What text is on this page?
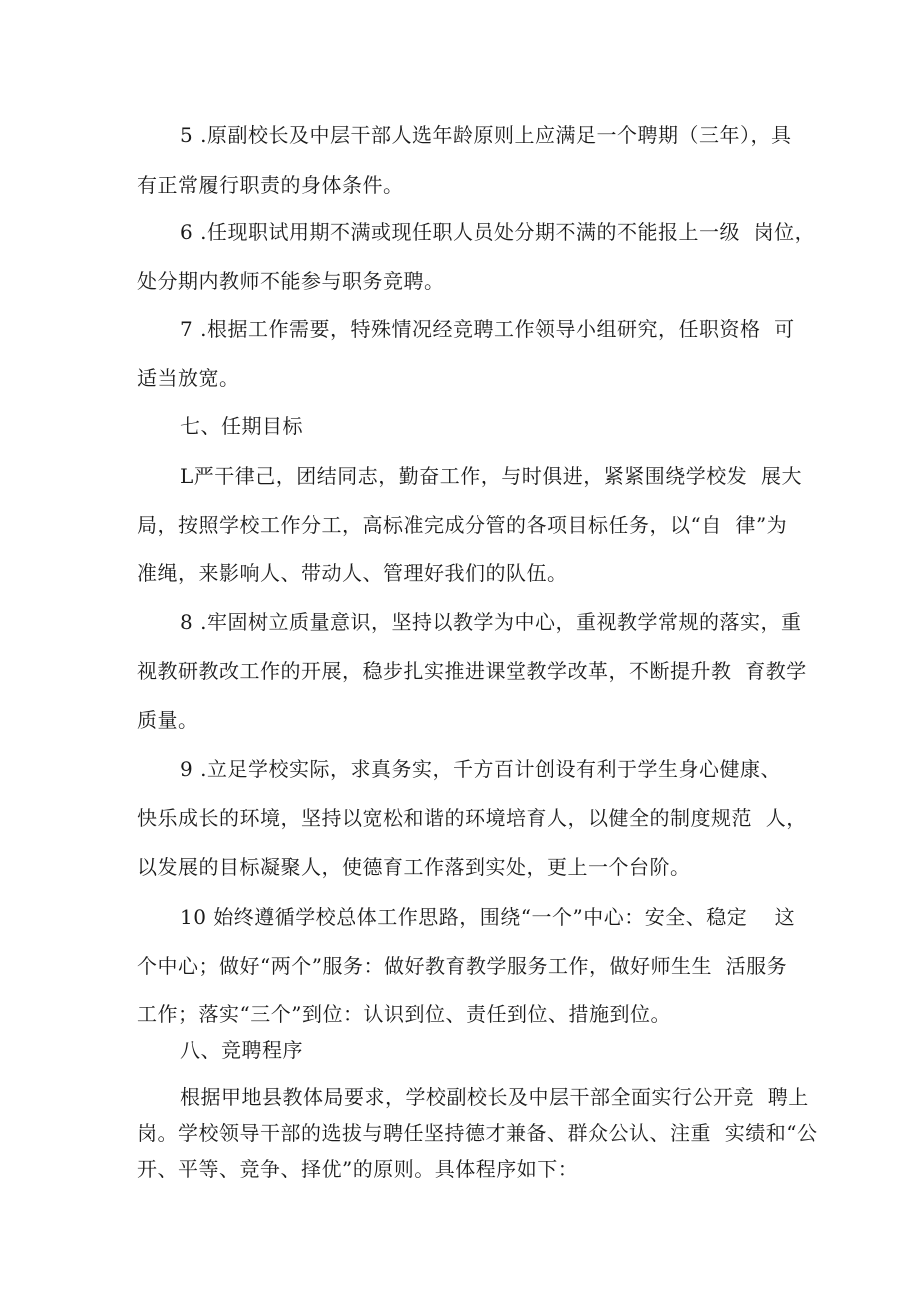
5 .原副校长及中层干部人选年龄原则上应满足一个聘期（三年），具
有正常履行职责的身体条件。
6 .任现职试用期不满或现任职人员处分期不满的不能报上一级  岗位，
处分期内教师不能参与职务竞聘。
7 .根据工作需要，特殊情况经竞聘工作领导小组研究，任职资格  可
适当放宽。
七、任期目标
L严干律己，团结同志，勤奋工作，与时俱进，紧紧围绕学校发  展大
局，按照学校工作分工，高标准完成分管的各项目标任务，以“自  律”为
准绳，来影响人、带动人、管理好我们的队伍。
8 .牢固树立质量意识，坚持以教学为中心，重视教学常规的落实，重
视教研教改工作的开展，稳步扎实推进课堂教学改革，不断提升教  育教学
质量。
9 .立足学校实际，求真务实，千方百计创设有利于学生身心健康、
快乐成长的环境，坚持以宽松和谐的环境培育人，以健全的制度规范  人，
以发展的目标凝聚人，使德育工作落到实处，更上一个台阶。
10 始终遵循学校总体工作思路，围绕“一个”中心：安全、稳定    这
个中心；做好“两个”服务：做好教育教学服务工作，做好师生生  活服务
工作；落实“三个”到位：认识到位、责任到位、措施到位。
八、竞聘程序
根据甲地县教体局要求，学校副校长及中层干部全面实行公开竞  聘上
岗。学校领导干部的选拔与聘任坚持德才兼备、群众公认、注重  实绩和“公
开、平等、竞争、择优”的原则。具体程序如下：
